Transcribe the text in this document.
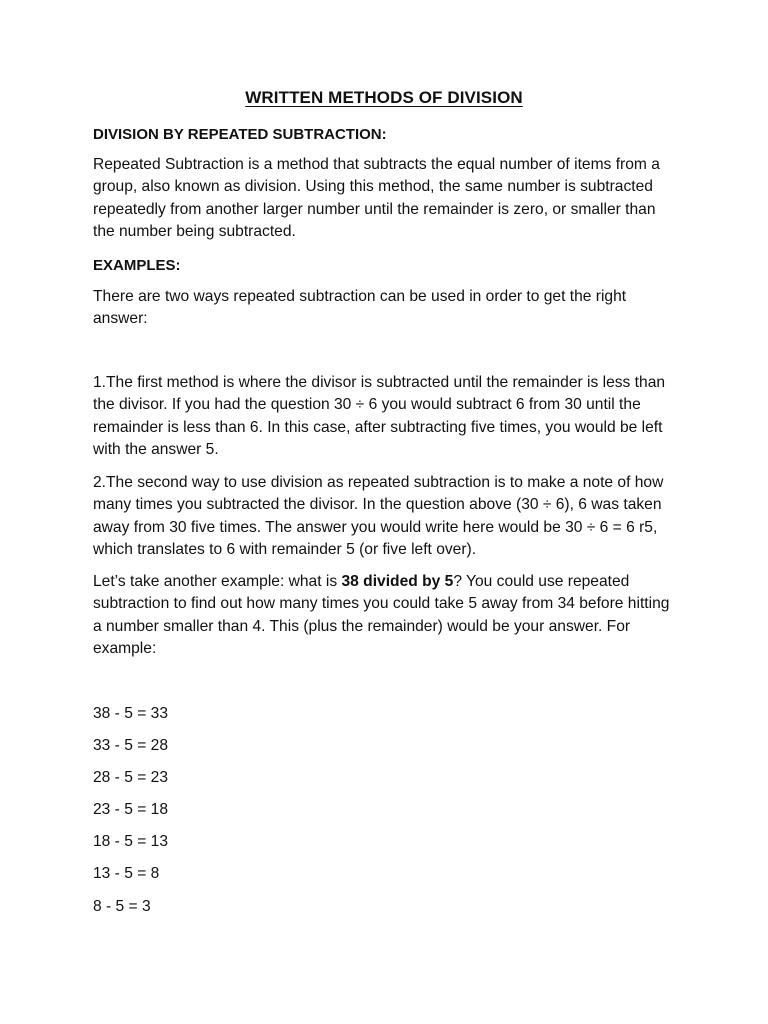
WRITTEN METHODS OF DIVISION
DIVISION BY REPEATED SUBTRACTION:
Repeated Subtraction is a method that subtracts the equal number of items from a group, also known as division. Using this method, the same number is subtracted repeatedly from another larger number until the remainder is zero, or smaller than the number being subtracted.
EXAMPLES:
There are two ways repeated subtraction can be used in order to get the right answer:
1.The first method is where the divisor is subtracted until the remainder is less than the divisor. If you had the question 30 ÷ 6 you would subtract 6 from 30 until the remainder is less than 6. In this case, after subtracting five times, you would be left with the answer 5.
2.The second way to use division as repeated subtraction is to make a note of how many times you subtracted the divisor. In the question above (30 ÷ 6), 6 was taken away from 30 five times. The answer you would write here would be 30 ÷ 6 = 6 r5, which translates to 6 with remainder 5 (or five left over).
Let’s take another example: what is 38 divided by 5? You could use repeated subtraction to find out how many times you could take 5 away from 34 before hitting a number smaller than 4. This (plus the remainder) would be your answer. For example:
38 - 5 = 33
33 - 5 = 28
28 - 5 = 23
23 - 5 = 18
18 - 5 = 13
13 - 5 = 8
8 - 5 = 3
